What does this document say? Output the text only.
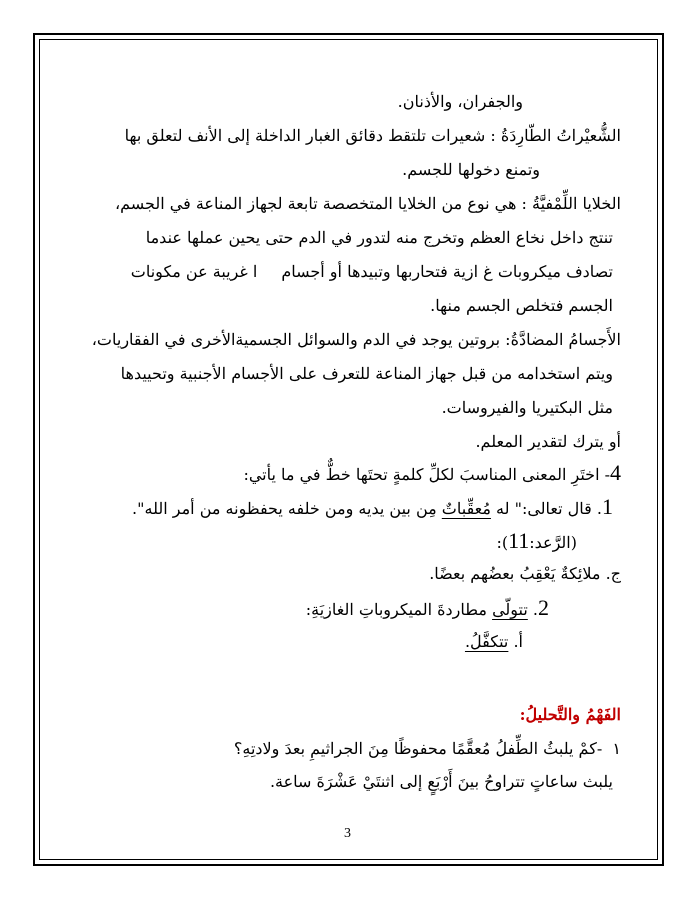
والجفران، والأذنان.
الشُّعيْراتُ الطّارِدَةُ : شعيرات تلتقط دقائق الغبار الداخلة إلى الأنف لتعلق بها
وتمنع دخولها للجسم.
الخلايا اللِّمْفيَّةُ : هي نوع من الخلايا المتخصصة تابعة لجهاز المناعة في الجسم،
تنتج داخل نخاع العظم وتخرج منه لتدور في الدم حتى يحين عملها عندما
تصادف ميكروبات غ ازية فتحاربها وتبيدها أو أجساما غريبة عن مكونات
الجسم فتخلص الجسم منها.
الأَجسامُ المضادَّةُ: بروتين يوجد في الدم والسوائل الجسميةالأخرى في الفقاريات،
ويتم استخدامه من قبل جهاز المناعة للتعرف على الأجسام الأجنبية وتحييدها
مثل البكتيريا والفيروسات.
أو يترك لتقدير المعلم.
4- اختَرِ المعنى المناسبَ لكلِّ كلمةٍ تحتَها خطٌّ في ما يأتي:
1. قال تعالى:" له مُعقِّباتٌ مِن بين يديه ومن خلفه يحفظونه من أمر الله".
(الرَّعد:11):
ج. ملائِكةٌ يَعْقِبُ بعضُهم بعضًا.
2. تتولّى مطاردةَ الميكروباتِ الغازيَةِ:
أ. تتكفَّلُ.
الفَهْمُ والتَّحليلُ:
١  -كمْ يلبثُ الطِّفلُ مُعقَّمًا محفوظًا مِنَ الجراثيمِ بعدَ ولادتِهِ؟
يلبث ساعاتٍ تتراوحُ بينَ أَرْبَعٍ إلى اثنتَيْ عَشْرَةَ ساعة.
3
